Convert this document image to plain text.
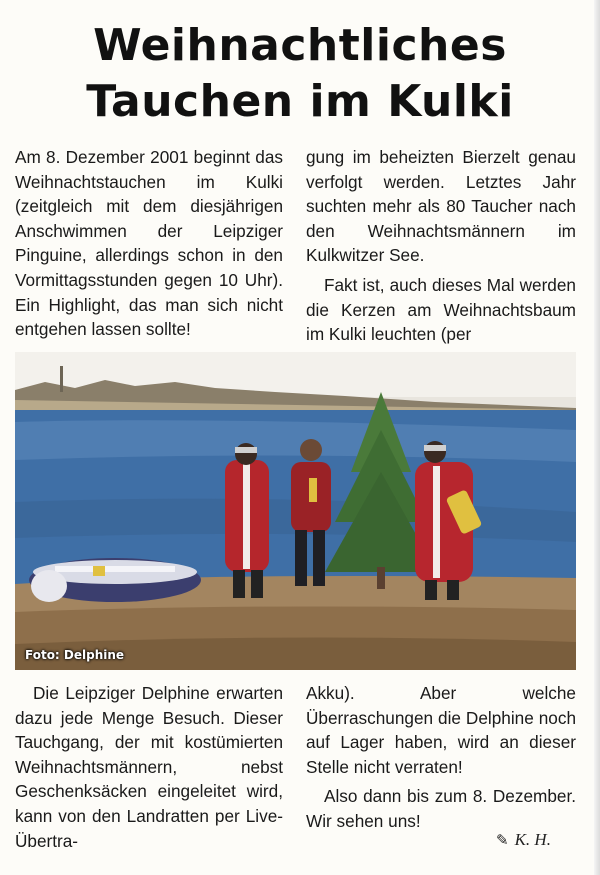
Weihnachtliches
Tauchen im Kulki

Am 8. Dezember 2001 beginnt das Weihnachtstauchen im Kulki (zeitgleich mit dem diesjährigen Anschwimmen der Leipziger Pinguine, allerdings schon in den Vormittagsstunden gegen 10 Uhr). Ein Highlight, das man sich nicht entgehen lassen sollte!

gung im beheizten Bierzelt genau verfolgt werden. Letztes Jahr suchten mehr als 80 Taucher nach den Weihnachtsmännern im Kulkwitzer See.

Fakt ist, auch dieses Mal werden die Kerzen am Weihnachtsbaum im Kulki leuchten (per

Foto: Delphine

Die Leipziger Delphine erwarten dazu jede Menge Besuch. Dieser Tauchgang, der mit kostümierten Weihnachtsmännern, nebst Geschenksäcken eingeleitet wird, kann von den Landratten per Live-Übertra-

Akku). Aber welche Überraschungen die Delphine noch auf Lager haben, wird an dieser Stelle nicht verraten!

Also dann bis zum 8. Dezember. Wir sehen uns!

✎ K. H.
